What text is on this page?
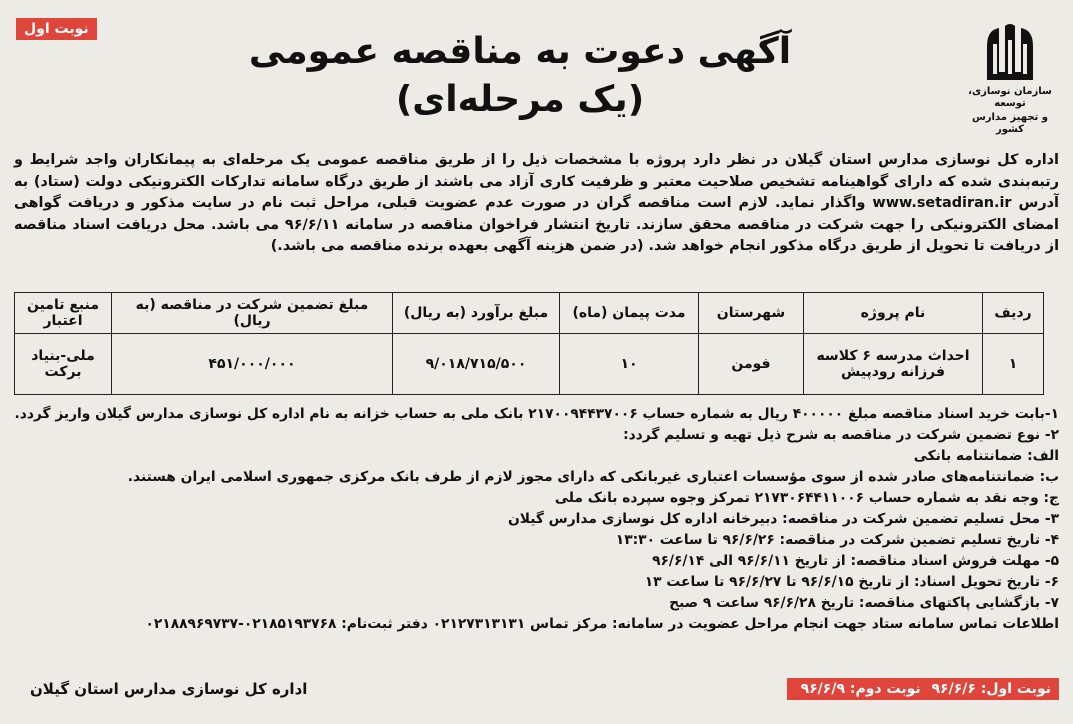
نوبت اول
سازمان نوسازی، توسعه
و تجهیز مدارس کشور
آگهی دعوت به مناقصه عمومی
(یک مرحله‌ای)
اداره کل نوسازی مدارس استان گیلان در نظر دارد پروژه با مشخصات ذیل را از طریق مناقصه عمومی یک مرحله‌ای به پیمانکاران واجد شرایط و رتبه‌بندی شده که دارای گواهینامه تشخیص صلاحیت معتبر و ظرفیت کاری آزاد می باشند از طریق درگاه سامانه تدارکات الکترونیکی دولت (ستاد) به آدرس www.setadiran.ir واگذار نماید. لازم است مناقصه گران در صورت عدم عضویت قبلی، مراحل ثبت نام در سایت مذکور و دریافت گواهی امضای الکترونیکی را جهت شرکت در مناقصه محقق سازند. تاریخ انتشار فراخوان مناقصه در سامانه ۹۶/۶/۱۱ می باشد. محل دریافت اسناد مناقصه از دریافت تا تحویل از طریق درگاه مذکور انجام خواهد شد. (در ضمن هزینه آگهی بعهده برنده مناقصه می باشد.)
ردیف	نام پروژه	شهرستان	مدت پیمان (ماه)	مبلغ برآورد (به ریال)	مبلغ تضمین شرکت در مناقصه (به ریال)	منبع تامین اعتبار
۱	احداث مدرسه ۶ کلاسه فرزانه رودپیش	فومن	۱۰	۹/۰۱۸/۷۱۵/۵۰۰	۴۵۱/۰۰۰/۰۰۰	ملی-بنیاد برکت
۱-بابت خرید اسناد مناقصه مبلغ ۴۰۰۰۰۰ ریال به شماره حساب ۲۱۷۰۰۹۴۴۳۷۰۰۶ بانک ملی به حساب خزانه به نام اداره کل نوسازی مدارس گیلان واریز گردد.
۲- نوع تضمین شرکت در مناقصه به شرح ذیل تهیه و تسلیم گردد:
الف: ضمانتنامه بانکی
ب: ضمانتنامه‌های صادر شده از سوی مؤسسات اعتباری غیربانکی که دارای مجوز لازم از طرف بانک مرکزی جمهوری اسلامی ایران هستند.
ج: وجه نقد به شماره حساب ۲۱۷۳۰۶۴۴۱۱۰۰۶ تمرکز وجوه سپرده بانک ملی
۳- محل تسلیم تضمین شرکت در مناقصه: دبیرخانه اداره کل نوسازی مدارس گیلان
۴- تاریخ تسلیم تضمین شرکت در مناقصه: ۹۶/۶/۲۶ تا ساعت ۱۳:۳۰
۵- مهلت فروش اسناد مناقصه: از تاریخ ۹۶/۶/۱۱ الی ۹۶/۶/۱۴
۶- تاریخ تحویل اسناد: از تاریخ ۹۶/۶/۱۵ تا ۹۶/۶/۲۷ تا ساعت ۱۳
۷- بازگشایی پاکتهای مناقصه: تاریخ ۹۶/۶/۲۸ ساعت ۹ صبح
اطلاعات تماس سامانه ستاد جهت انجام مراحل عضویت در سامانه: مرکز تماس ۰۲۱۲۷۳۱۳۱۳۱ دفتر ثبت‌نام: ۰۲۱۸۵۱۹۳۷۶۸-۰۲۱۸۸۹۶۹۷۳۷
نوبت اول: ۹۶/۶/۶ نوبت دوم: ۹۶/۶/۹
اداره کل نوسازی مدارس استان گیلان
